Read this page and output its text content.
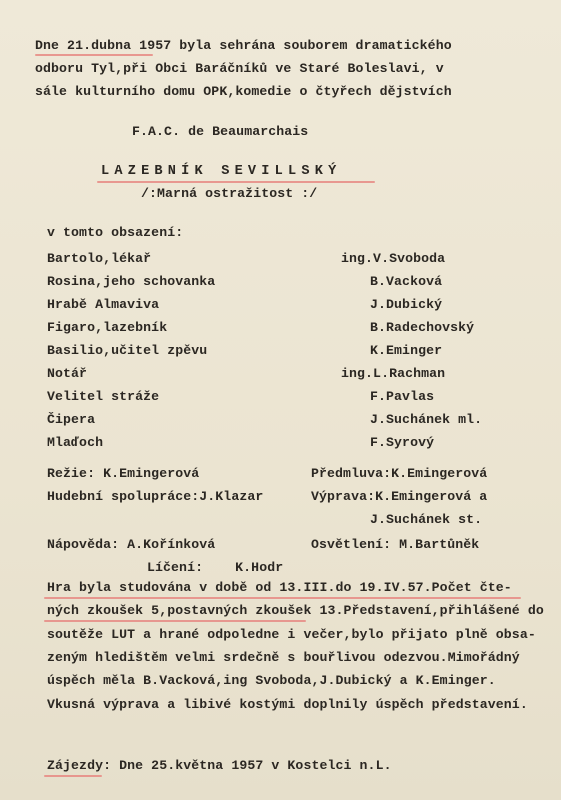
Dne 21.dubna 1957 byla sehrána souborem dramatického
odboru Tyl,při Obci Baráčníků ve Staré Boleslavi, v
sále kulturního domu OPK,komedie o čtyřech dějstvích
F.A.C. de Beaumarchais
LAZEBNÍK SEVILLSKÝ
/:Marná ostražitost :/
v tomto obsazení:
Bartolo,lékař	ing.V.Svoboda
Rosina,jeho schovanka	B.Vacková
Hrabě Almaviva	J.Dubický
Figaro,lazebník	B.Radechovský
Basilio,učitel zpěvu	K.Eminger
Notář	ing.L.Rachman
Velitel stráže	F.Pavlas
Čipera	J.Suchánek ml.
Mlaďoch	F.Syrový
Režie: K.Emingerová	Předmluva:K.Emingerová
Hudební spolupráce:J.Klazar	Výprava:K.Emingerová a
J.Suchánek st.
Nápověda: A.Kořínková	Osvětlení: M.Bartůněk
Líčení:    K.Hodr
Hra byla studována v době od 13.III.do 19.IV.57.Počet čte-
ných zkoušek 5,postavných zkoušek 13.Představení,přihlášené do
soutěže LUT a hrané odpoledne i večer,bylo přijato plně obsa-
zeným hledištěm velmi srdečně s bouřlivou odezvou.Mimořádný
úspěch měla B.Vacková,ing Svoboda,J.Dubický a K.Eminger.
Vkusná výprava a libivé kostými doplnily úspěch představení.
Zájezdy: Dne 25.května 1957 v Kostelci n.L.
